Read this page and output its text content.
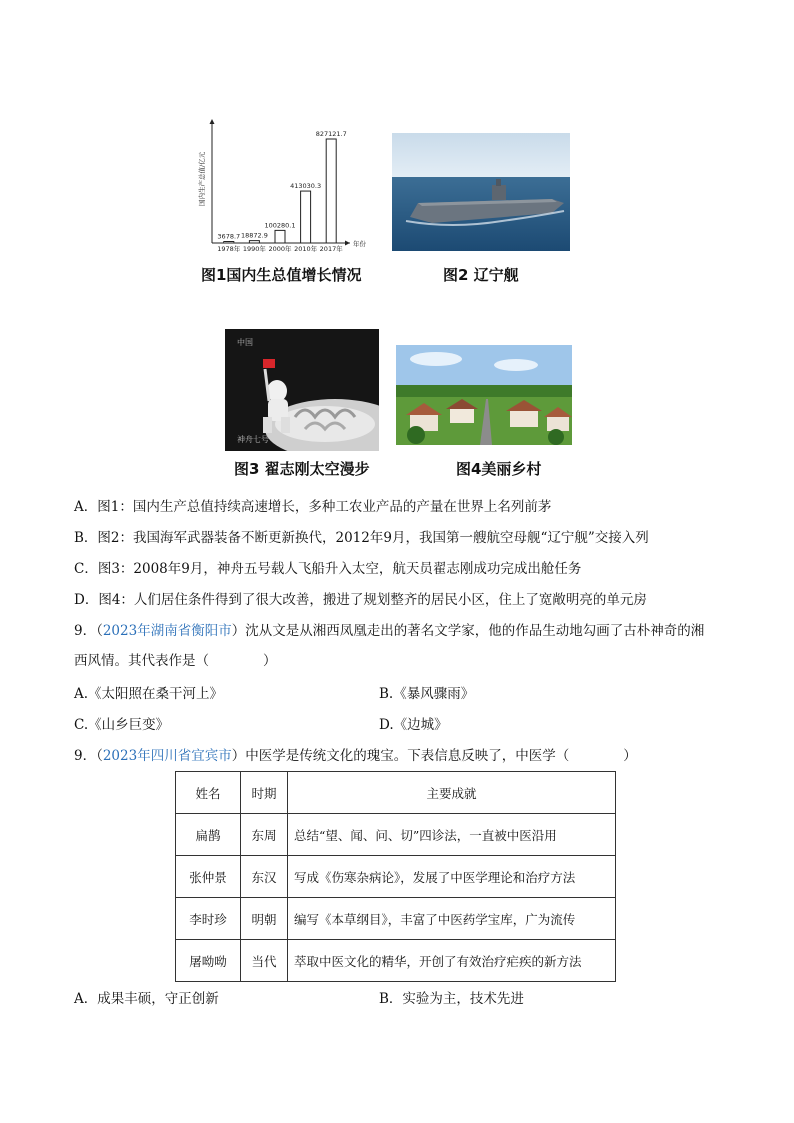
国内生产总值/亿元
年份
3678.7
1978年
18872.9
1990年
100280.1
2000年
413030.3
2010年
827121.7
2017年
图1国内生总值增长情况	图2 辽宁舰
中国
神舟七号
图3 翟志刚太空漫步	图4美丽乡村
A．图1：国内生产总值持续高速增长，多种工农业产品的产量在世界上名列前茅
B．图2：我国海军武器装备不断更新换代，2012年9月，我国第一艘航空母舰“辽宁舰”交接入列
C．图3：2008年9月，神舟五号载人飞船升入太空，航天员翟志刚成功完成出舱任务
D．图4：人们居住条件得到了很大改善，搬进了规划整齐的居民小区，住上了宽敞明亮的单元房
9．（2023年湖南省衡阳市）沈从文是从湘西凤凰走出的著名文学家，他的作品生动地勾画了古朴神奇的湘
西风情。其代表作是（　　　　）
A.《太阳照在桑干河上》	B.《暴风骤雨》
C.《山乡巨变》	D.《边城》
9．（2023年四川省宜宾市）中医学是传统文化的瑰宝。下表信息反映了，中医学（　　　　）
姓名	时期	主要成就
扁鹊	东周	总结“望、闻、问、切”四诊法，一直被中医沿用
张仲景	东汉	写成《伤寒杂病论》，发展了中医学理论和治疗方法
李时珍	明朝	编写《本草纲目》，丰富了中医药学宝库，广为流传
屠呦呦	当代	萃取中医文化的精华，开创了有效治疗疟疾的新方法
A．成果丰硕，守正创新	B．实验为主，技术先进
